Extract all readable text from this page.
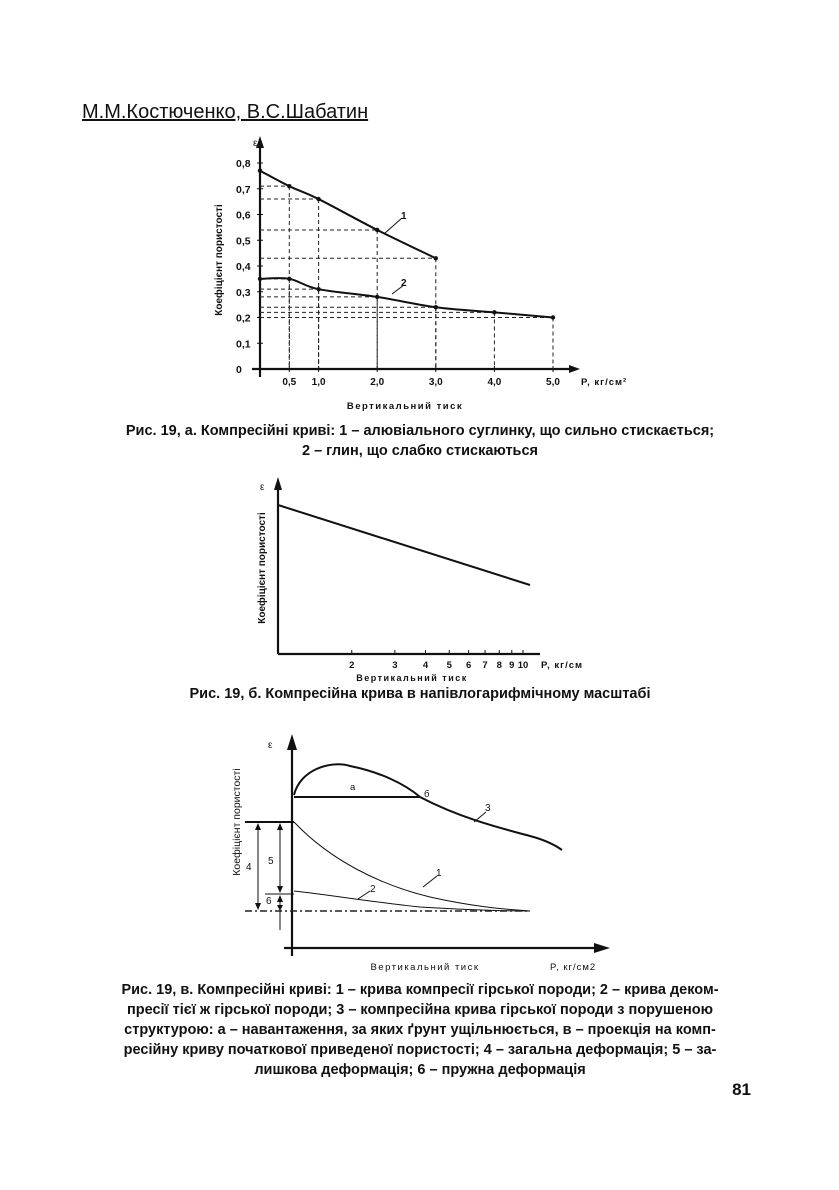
М.М.Костюченко, В.С.Шабатин
ε
0
0,1
0,2
0,3
0,4
0,5
0,6
0,7
0,8
0,5 1,0	2,0	3,0	4,0	5,0 P, кг/см²
Вертикальний тиск
Коефіцієнт пористості	1
2
Рис. 19, а. Компресійні криві: 1 – алювіального суглинку, що сильно стискається;
2 – глин, що слабко стискаються
ε
Коефіцієнт пористості
2	3	4 5 6 7 8 9 10 P, кг/см
Вертикальний тиск
Рис. 19, б. Компресійна крива в напівлогарифмічному масштабі
ε
Коефіцієнт пористості
Вертикальний тиск	P, кг/см2
а
б
3
1
2
4
5
6
Рис. 19, в. Компресійні криві: 1 – крива компресії гірської породи; 2 – крива деком-
пресії тієї ж гірської породи; 3 – компресійна крива гірської породи з порушеною
структурою: а – навантаження, за яких ґрунт ущільнюється, в – проекція на комп-
ресійну криву початкової приведеної пористості; 4 – загальна деформація; 5 – за-
лишкова деформація; 6 – пружна деформація
81
